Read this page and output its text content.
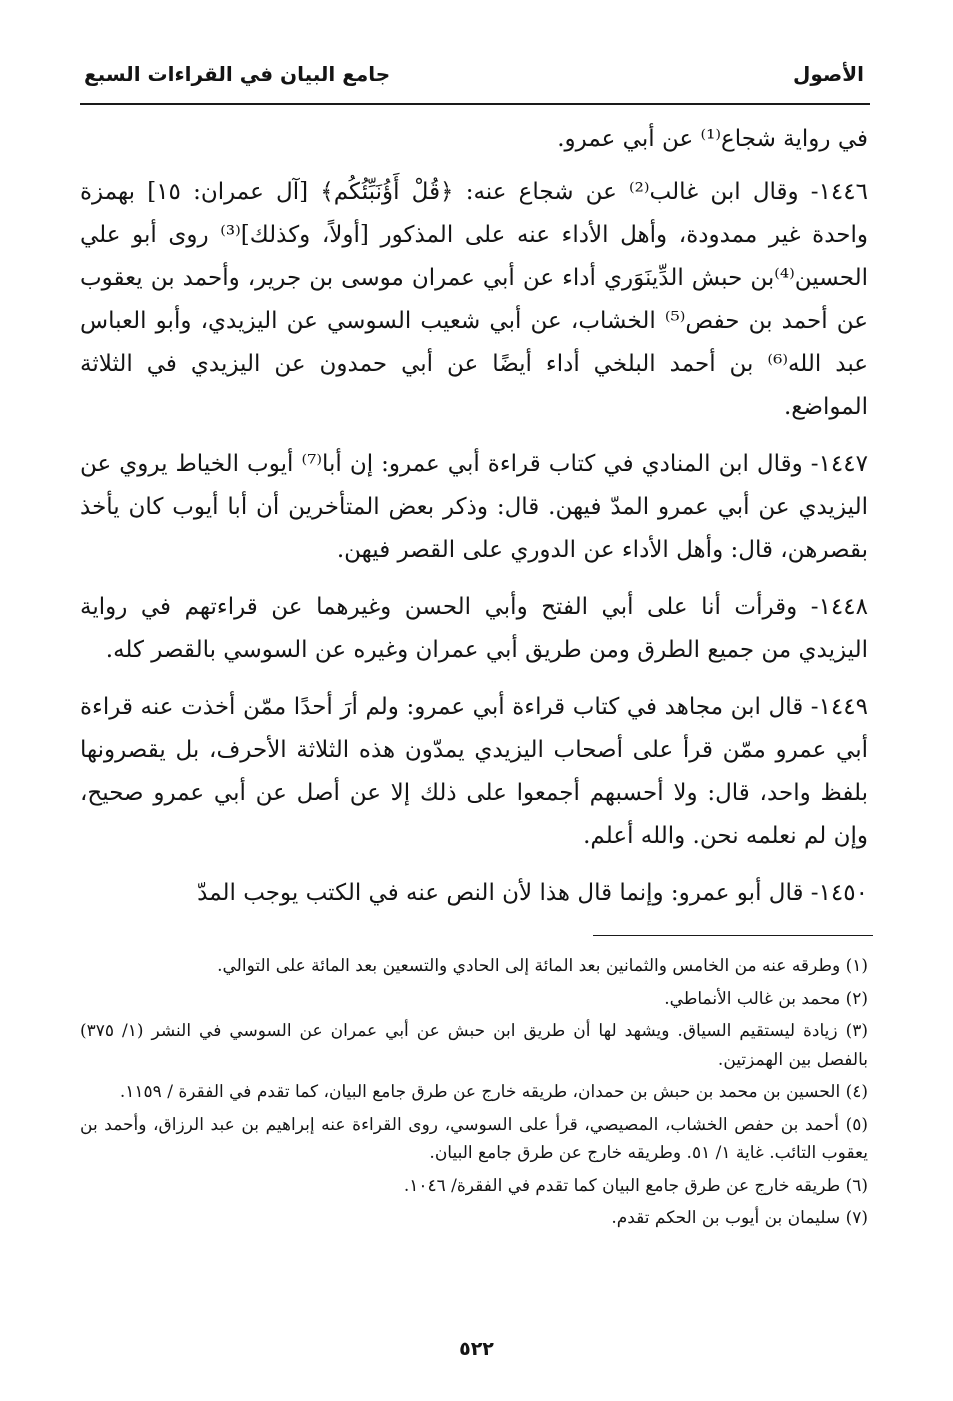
الأصول
جامع البيان في القراءات السبع

في رواية شجاع⁽¹⁾ عن أبي عمرو.

١٤٤٦- وقال ابن غالب⁽²⁾ عن شجاع عنه: ﴿قُلْ أَؤُنَبِّئُكُم﴾ [آل عمران: ١٥] بهمزة واحدة غير ممدودة، وأهل الأداء عنه على المذكور [أولاً، وكذلك]⁽³⁾ روى أبو علي الحسين⁽⁴⁾بن حبش الدِّينَوَري أداء عن أبي عمران موسى بن جرير، وأحمد بن يعقوب عن أحمد بن حفص⁽⁵⁾ الخشاب، عن أبي شعيب السوسي عن اليزيدي، وأبو العباس عبد الله⁽⁶⁾ بن أحمد البلخي أداء أيضًا عن أبي حمدون عن اليزيدي في الثلاثة المواضع.

١٤٤٧- وقال ابن المنادي في كتاب قراءة أبي عمرو: إن أبا⁽⁷⁾ أيوب الخياط يروي عن اليزيدي عن أبي عمرو المدّ فيهن. قال: وذكر بعض المتأخرين أن أبا أيوب كان يأخذ بقصرهن، قال: وأهل الأداء عن الدوري على القصر فيهن.

١٤٤٨- وقرأت أنا على أبي الفتح وأبي الحسن وغيرهما عن قراءتهم في رواية اليزيدي من جميع الطرق ومن طريق أبي عمران وغيره عن السوسي بالقصر كله.

١٤٤٩- قال ابن مجاهد في كتاب قراءة أبي عمرو: ولم أرَ أحدًا ممّن أخذت عنه قراءة أبي عمرو ممّن قرأ على أصحاب اليزيدي يمدّون هذه الثلاثة الأحرف، بل يقصرونها بلفظ واحد، قال: ولا أحسبهم أجمعوا على ذلك إلا عن أصل عن أبي عمرو صحيح، وإن لم نعلمه نحن. والله أعلم.

١٤٥٠- قال أبو عمرو: وإنما قال هذا لأن النص عنه في الكتب يوجب المدّ

(١) وطرقه عنه من الخامس والثمانين بعد المائة إلى الحادي والتسعين بعد المائة على التوالي.
(٢) محمد بن غالب الأنماطي.
(٣) زيادة ليستقيم السياق. ويشهد لها أن طريق ابن حبش عن أبي عمران عن السوسي في النشر (١/ ٣٧٥) بالفصل بين الهمزتين.
(٤) الحسين بن محمد بن حبش بن حمدان، طريقه خارج عن طرق جامع البيان، كما تقدم في الفقرة / ١١٥٩.
(٥) أحمد بن حفص الخشاب، المصيصي، قرأ على السوسي، روى القراءة عنه إبراهيم بن عبد الرزاق، وأحمد بن يعقوب التائب. غاية ١/ ٥١. وطريقه خارج عن طرق جامع البيان.
(٦) طريقه خارج عن طرق جامع البيان كما تقدم في الفقرة/ ١٠٤٦.
(٧) سليمان بن أيوب بن الحكم تقدم.
٥٢٢
